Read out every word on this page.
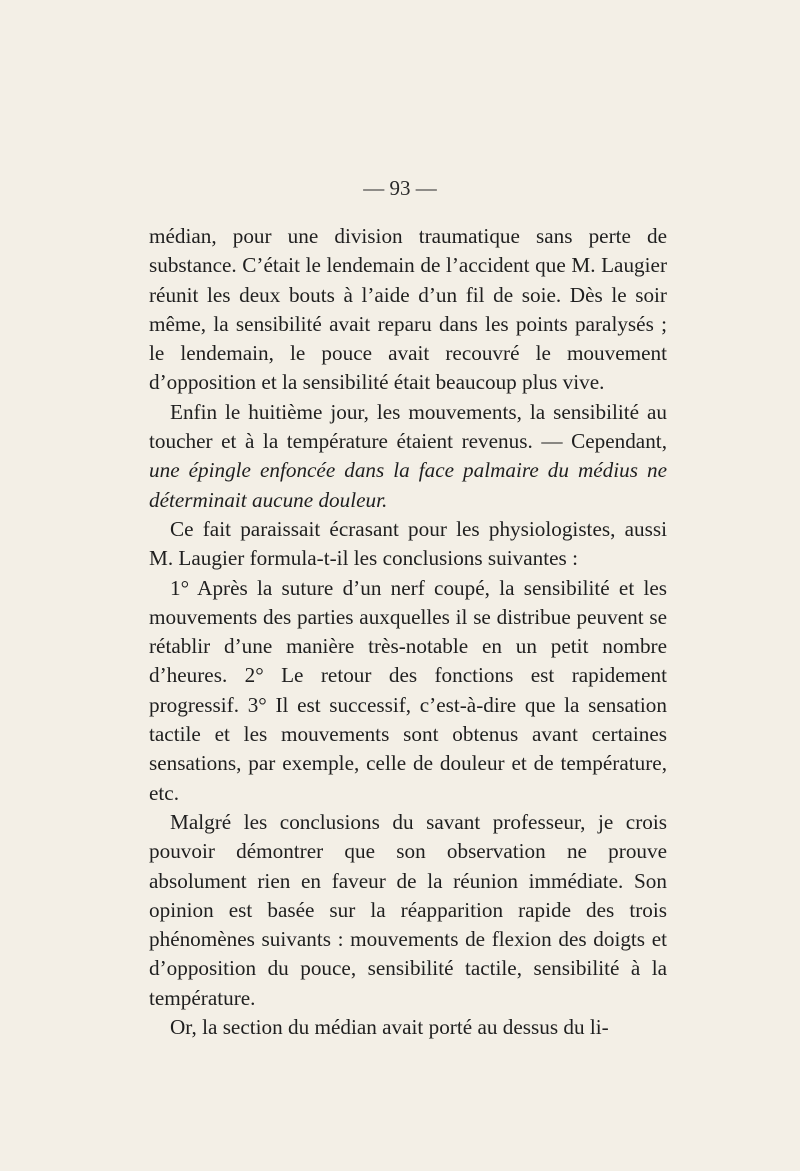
— 93 —

médian, pour une division traumatique sans perte de substance. C’était le lendemain de l’accident que M. Laugier réunit les deux bouts à l’aide d’un fil de soie. Dès le soir même, la sensibilité avait reparu dans les points paralysés ; le lendemain, le pouce avait recouvré le mouvement d’opposition et la sensibilité était beaucoup plus vive.

Enfin le huitième jour, les mouvements, la sensibilité au toucher et à la température étaient revenus. — Cependant, une épingle enfoncée dans la face palmaire du médius ne déterminait aucune douleur.

Ce fait paraissait écrasant pour les physiologistes, aussi M. Laugier formula-t-il les conclusions suivantes :

1° Après la suture d’un nerf coupé, la sensibilité et les mouvements des parties auxquelles il se distribue peuvent se rétablir d’une manière très-notable en un petit nombre d’heures. 2° Le retour des fonctions est rapidement progressif. 3° Il est successif, c’est-à-dire que la sensation tactile et les mouvements sont obtenus avant certaines sensations, par exemple, celle de douleur et de température, etc.

Malgré les conclusions du savant professeur, je crois pouvoir démontrer que son observation ne prouve absolument rien en faveur de la réunion immédiate. Son opinion est basée sur la réapparition rapide des trois phénomènes suivants : mouvements de flexion des doigts et d’opposition du pouce, sensibilité tactile, sensibilité à la température.

Or, la section du médian avait porté au dessus du li-
